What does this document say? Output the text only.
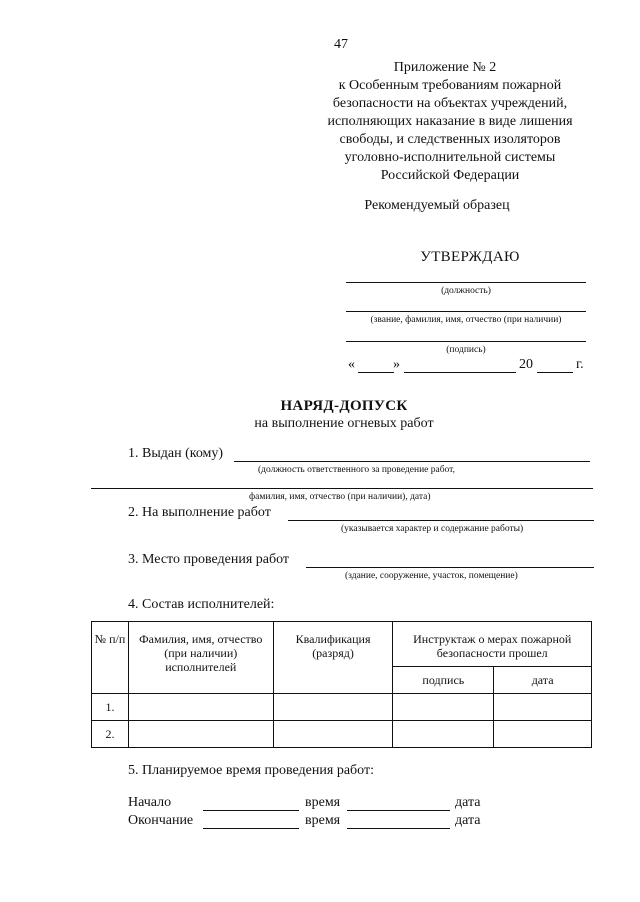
47
Приложение № 2
к Особенным требованиям пожарной
безопасности на объектах учреждений,
исполняющих наказание в виде лишения
свободы, и следственных изоляторов
уголовно-исполнительной системы
Российской Федерации
Рекомендуемый образец
УТВЕРЖДАЮ
(должность)
(звание, фамилия, имя, отчество (при наличии)
(подпись)
«	»	20	г.
НАРЯД-ДОПУСК
на выполнение огневых работ
1. Выдан (кому)
(должность ответственного за проведение работ,
фамилия, имя, отчество (при наличии), дата)
2. На выполнение работ
(указывается характер и содержание работы)
3. Место проведения работ
(здание, сооружение, участок, помещение)
4. Состав исполнителей:
№ п/п	Фамилия, имя, отчество (при наличии) исполнителей	Квалификация (разряд)	Инструктаж о мерах пожарной безопасности прошел	
			подпись	дата
1.				
2.				
5. Планируемое время проведения работ:
Начало	время	дата
Окончание	время	дата
